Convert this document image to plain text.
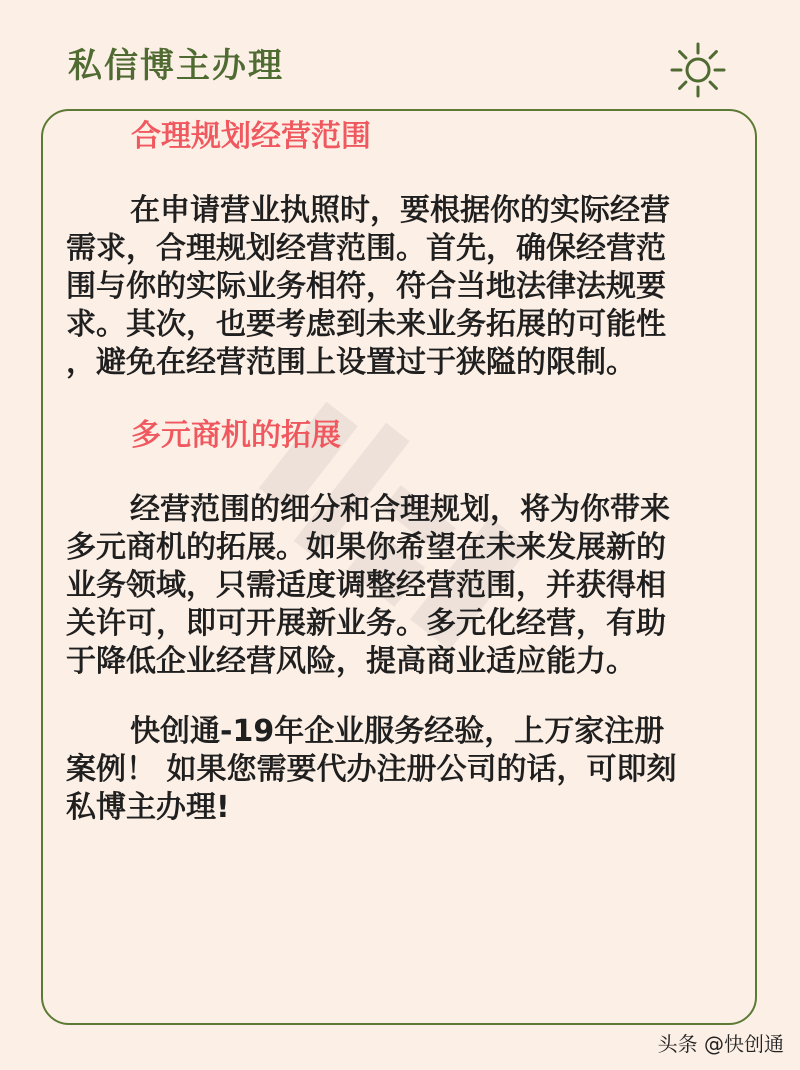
私信博主办理
合理规划经营范围
在申请营业执照时，要根据你的实际经营
需求，合理规划经营范围。首先，确保经营范
围与你的实际业务相符，符合当地法律法规要
求。其次，也要考虑到未来业务拓展的可能性
，避免在经营范围上设置过于狭隘的限制。
多元商机的拓展
经营范围的细分和合理规划，将为你带来
多元商机的拓展。如果你希望在未来发展新的
业务领域，只需适度调整经营范围，并获得相
关许可，即可开展新业务。多元化经营，有助
于降低企业经营风险，提高商业适应能力。
快创通-19年企业服务经验，上万家注册
案例！ 如果您需要代办注册公司的话，可即刻
私博主办理!
头条 @快创通
